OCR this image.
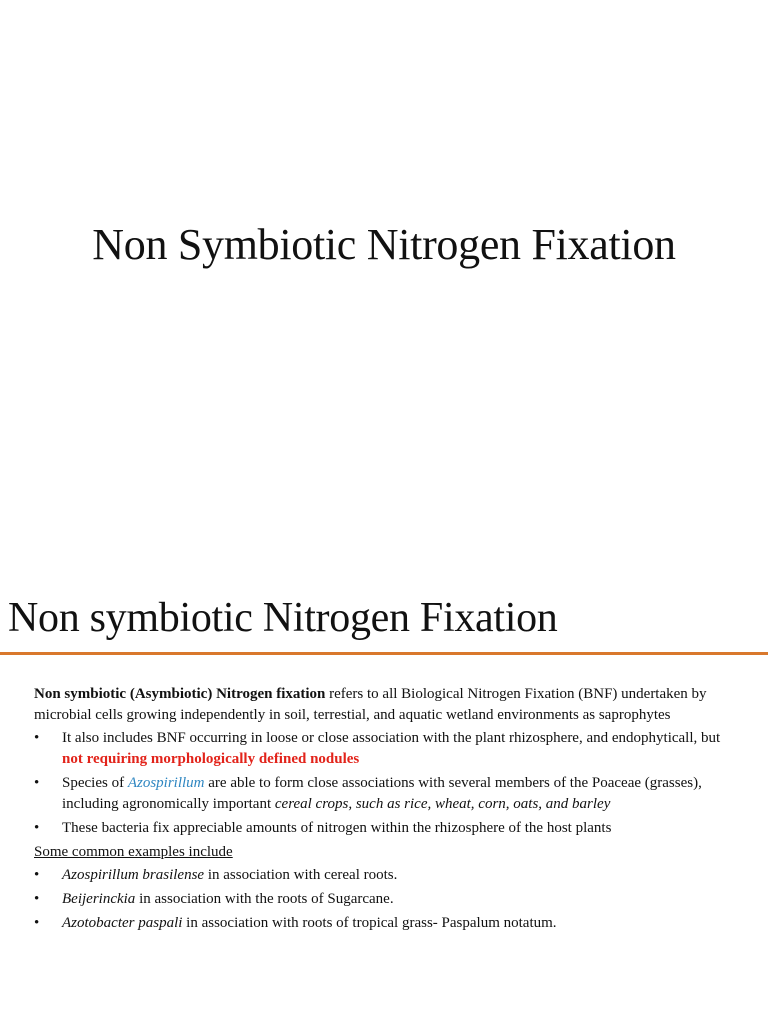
Non Symbiotic Nitrogen Fixation
Non symbiotic Nitrogen Fixation

Non symbiotic (Asymbiotic) Nitrogen fixation refers to all Biological Nitrogen Fixation (BNF) undertaken by microbial cells growing independently in soil, terrestial, and aquatic wetland environments as saprophytes

• It also includes BNF occurring in loose or close association with the plant rhizosphere, and endophyticall, but not requiring morphologically defined nodules
• Species of Azospirillum are able to form close associations with several members of the Poaceae (grasses), including agronomically important cereal crops, such as rice, wheat, corn, oats, and barley
• These bacteria fix appreciable amounts of nitrogen within the rhizosphere of the host plants
Some common examples include
• Azospirillum brasilense in association with cereal roots.
• Beijerinckia in association with the roots of Sugarcane.
• Azotobacter paspali in association with roots of tropical grass- Paspalum notatum.
